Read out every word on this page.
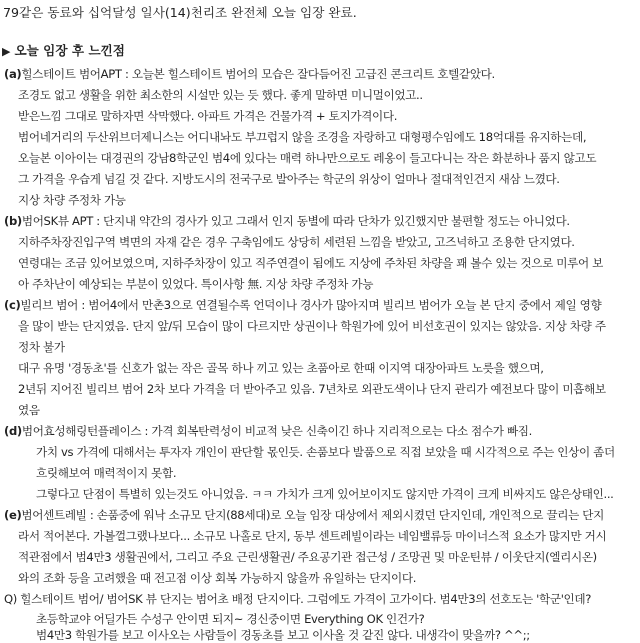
79같은 동료와 십억달성 일사(14)천리조 완전체 오늘 임장 완료.
▶ 오늘 임장 후 느낀점
(a)힐스테이트 범어APT : 오늘본 힐스테이트 범어의 모습은 잘다듬어진 고급진 콘크리트 호텔같았다.
조경도 없고 생활을 위한 최소한의 시설만 있는 듯 했다. 좋게 말하면 미니멀이었고..
받은느낌 그대로 말하자면 삭막했다. 아파트 가격은 건물가격 + 토지가격이다.
범어네거리의 두산위브더제니스는 어디내놔도 부끄럽지 않을 조경을 자랑하고 대형평수임에도 18억대를 유지하는데,
오늘본 이아이는 대경권의 강남8학군인 범4에 있다는 매력 하나만으로도 레옹이 들고다니는 작은 화분하나 품지 않고도
그 가격을 우습게 넘길 것 같다. 지방도시의 전국구로 발아주는 학군의 위상이 얼마나 절대적인건지 새삼 느꼈다.
지상 차량 주정차 가능
(b)범어SK뷰 APT : 단지내 약간의 경사가 있고 그래서 인지 동별에 따라 단차가 있긴했지만 불편할 정도는 아니었다.
지하주차장진입구역 벽면의 자재 같은 경우 구축임에도 상당히 세련된 느낌을 받았고, 고즈넉하고 조용한 단지였다.
연령대는 조금 있어보였으며, 지하주차장이 있고 직주연결이 됨에도 지상에 주차된 차량을 꽤 볼수 있는 것으로 미루어 보
아 주차난이 예상되는 부분이 있었다. 특이사항 無. 지상 차량 주정차 가능
(c)빌리브 범어 : 범어4에서 만촌3으로 연결될수록 언덕이나 경사가 많아지며 빌리브 범어가 오늘 본 단지 중에서 제일 영향
을 많이 받는 단지였음. 단지 앞/뒤 모습이 많이 다르지만 상권이나 학원가에 있어 비선호권이 있지는 않았음. 지상 차량 주
정차 불가
대구 유명 '경동초'를 신호가 없는 작은 골목 하나 끼고 있는 초품아로 한때 이지역 대장아파트 노릇을 했으며,
2년뒤 지어진 빌리브 범어 2차 보다 가격을 더 받아주고 있음. 7년차로 외관도색이나 단지 관리가 예전보다 많이 미흡해보
였음
(d)범어효성해링턴플레이스 : 가격 회복탄력성이 비교적 낮은 신축이긴 하나 지리적으로는 다소 점수가 빠짐.
가치 vs 가격에 대해서는 투자자 개인이 판단할 몫인듯. 손품보다 발품으로 직접 보았을 때 시각적으로 주는 인상이 좀더
흐릿해보여 매력적이지 못함.
그렇다고 단점이 특별히 있는것도 아니었음. ㅋㅋ 가치가 크게 있어보이지도 않지만 가격이 크게 비싸지도 않은상태인...
(e)범어센트레빌 : 손품중에 워낙 소규모 단지(88세대)로 오늘 임장 대상에서 제외시켰던 단지인데, 개인적으로 끌리는 단지
라서 적어본다. 가볼껄그랬나보다... 소규모 나홀로 단지, 동부 센트레빌이라는 네임밸류등 마이너스적 요소가 많지만 거시
적관점에서 범4만3 생활권에서, 그리고 주요 근린생활권/ 주요공기관 접근성 / 조망권 및 마운틴뷰 / 이웃단지(엘리시온)
와의 조화 등을 고려했을 때 전고점 이상 회복 가능하지 않을까 유일하는 단지이다.
Q) 힐스테이트 범어/ 범어SK 뷰 단지는 범어초 배정 단지이다. 그럼에도 가격이 고가이다. 범4만3의 선호도는 '학군'인데?
초등학교야 어딜가든 수성구 안이면 되지~ 경신중이면 Everything OK 인건가?
범4만3 학원가를 보고 이사오는 사람들이 경동초를 보고 이사올 것 같진 않다. 내생각이 맞을까? ^^;;
